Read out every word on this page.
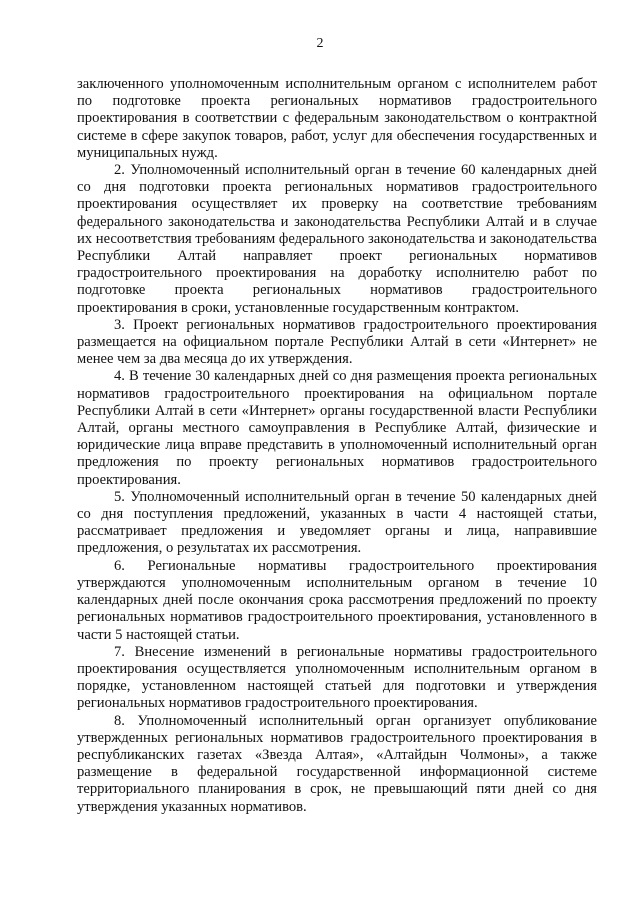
2

заключенного уполномоченным исполнительным органом с исполнителем работ по подготовке проекта региональных нормативов градостроительного проектирования в соответствии с федеральным законодательством о контрактной системе в сфере закупок товаров, работ, услуг для обеспечения государственных и муниципальных нужд.

2. Уполномоченный исполнительный орган в течение 60 календарных дней со дня подготовки проекта региональных нормативов градостроительного проектирования осуществляет их проверку на соответствие требованиям федерального законодательства и законодательства Республики Алтай и в случае их несоответствия требованиям федерального законодательства и законодательства Республики Алтай направляет проект региональных нормативов градостроительного проектирования на доработку исполнителю работ по подготовке проекта региональных нормативов градостроительного проектирования в сроки, установленные государственным контрактом.

3. Проект региональных нормативов градостроительного проектирования размещается на официальном портале Республики Алтай в сети «Интернет» не менее чем за два месяца до их утверждения.

4. В течение 30 календарных дней со дня размещения проекта региональных нормативов градостроительного проектирования на официальном портале Республики Алтай в сети «Интернет» органы государственной власти Республики Алтай, органы местного самоуправления в Республике Алтай, физические и юридические лица вправе представить в уполномоченный исполнительный орган предложения по проекту региональных нормативов градостроительного проектирования.

5. Уполномоченный исполнительный орган в течение 50 календарных дней со дня поступления предложений, указанных в части 4 настоящей статьи, рассматривает предложения и уведомляет органы и лица, направившие предложения, о результатах их рассмотрения.

6. Региональные нормативы градостроительного проектирования утверждаются уполномоченным исполнительным органом в течение 10 календарных дней после окончания срока рассмотрения предложений по проекту региональных нормативов градостроительного проектирования, установленного в части 5 настоящей статьи.

7. Внесение изменений в региональные нормативы градостроительного проектирования осуществляется уполномоченным исполнительным органом в порядке, установленном настоящей статьей для подготовки и утверждения региональных нормативов градостроительного проектирования.

8. Уполномоченный исполнительный орган организует опубликование утвержденных региональных нормативов градостроительного проектирования в республиканских газетах «Звезда Алтая», «Алтайдын Чолмоны», а также размещение в федеральной государственной информационной системе территориального планирования в срок, не превышающий пяти дней со дня утверждения указанных нормативов.
